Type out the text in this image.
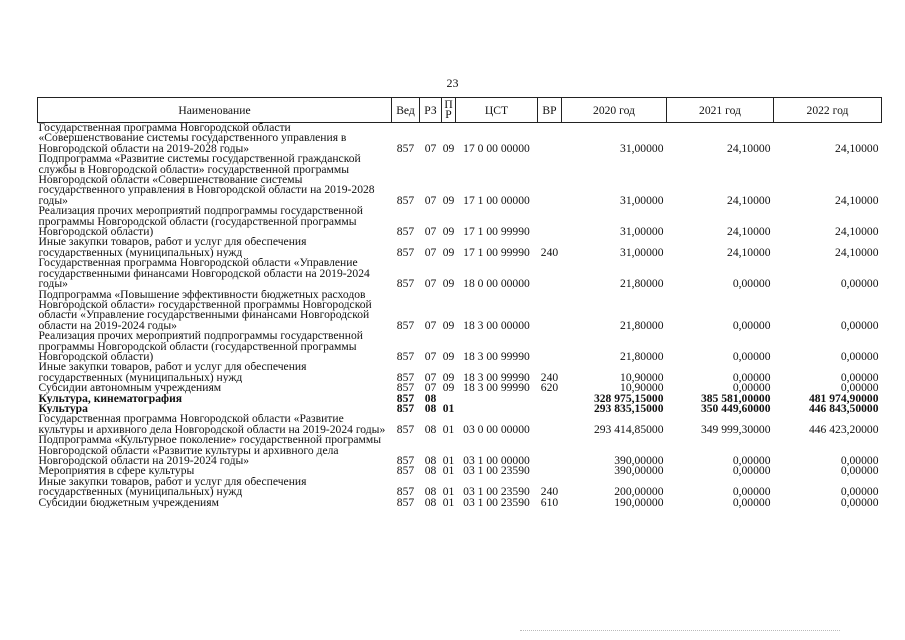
23
Наименование	Вед	РЗ	ПР	ЦСТ	ВР	2020 год	2021 год	2022 год
Государственная программа Новгородской области «Совершенствование системы государственного управления в Новгородской области на 2019-2028 годы»	857	07	09	17 0 00 00000		31,00000	24,10000	24,10000
Подпрограмма «Развитие системы государственной гражданской службы в Новгородской области» государственной программы Новгородской области «Совершенствование системы государственного управления в Новгородской области на 2019-2028 годы»	857	07	09	17 1 00 00000		31,00000	24,10000	24,10000
Реализация прочих мероприятий подпрограммы государственной программы Новгородской области (государственной программы Новгородской области)	857	07	09	17 1 00 99990		31,00000	24,10000	24,10000
Иные закупки товаров, работ и услуг для обеспечения государственных (муниципальных) нужд	857	07	09	17 1 00 99990	240	31,00000	24,10000	24,10000
Государственная программа Новгородской области «Управление государственными финансами Новгородской области на 2019-2024 годы»	857	07	09	18 0 00 00000		21,80000	0,00000	0,00000
Подпрограмма «Повышение эффективности бюджетных расходов Новгородской области» государственной программы Новгородской области «Управление государственными финансами Новгородской области на 2019-2024 годы»	857	07	09	18 3 00 00000		21,80000	0,00000	0,00000
Реализация прочих мероприятий подпрограммы государственной программы Новгородской области (государственной программы Новгородской области)	857	07	09	18 3 00 99990		21,80000	0,00000	0,00000
Иные закупки товаров, работ и услуг для обеспечения государственных (муниципальных) нужд	857	07	09	18 3 00 99990	240	10,90000	0,00000	0,00000
Субсидии автономным учреждениям	857	07	09	18 3 00 99990	620	10,90000	0,00000	0,00000
Культура, кинематография	857	08				328 975,15000	385 581,00000	481 974,90000
Культура	857	08	01			293 835,15000	350 449,60000	446 843,50000
Государственная программа Новгородской области «Развитие культуры и архивного дела Новгородской области на 2019-2024 годы»	857	08	01	03 0 00 00000		293 414,85000	349 999,30000	446 423,20000
Подпрограмма «Культурное поколение» государственной программы Новгородской области «Развитие культуры и архивного дела Новгородской области на 2019-2024 годы»	857	08	01	03 1 00 00000		390,00000	0,00000	0,00000
Мероприятия в сфере культуры	857	08	01	03 1 00 23590		390,00000	0,00000	0,00000
Иные закупки товаров, работ и услуг для обеспечения государственных (муниципальных) нужд	857	08	01	03 1 00 23590	240	200,00000	0,00000	0,00000
Субсидии бюджетным учреждениям	857	08	01	03 1 00 23590	610	190,00000	0,00000	0,00000
